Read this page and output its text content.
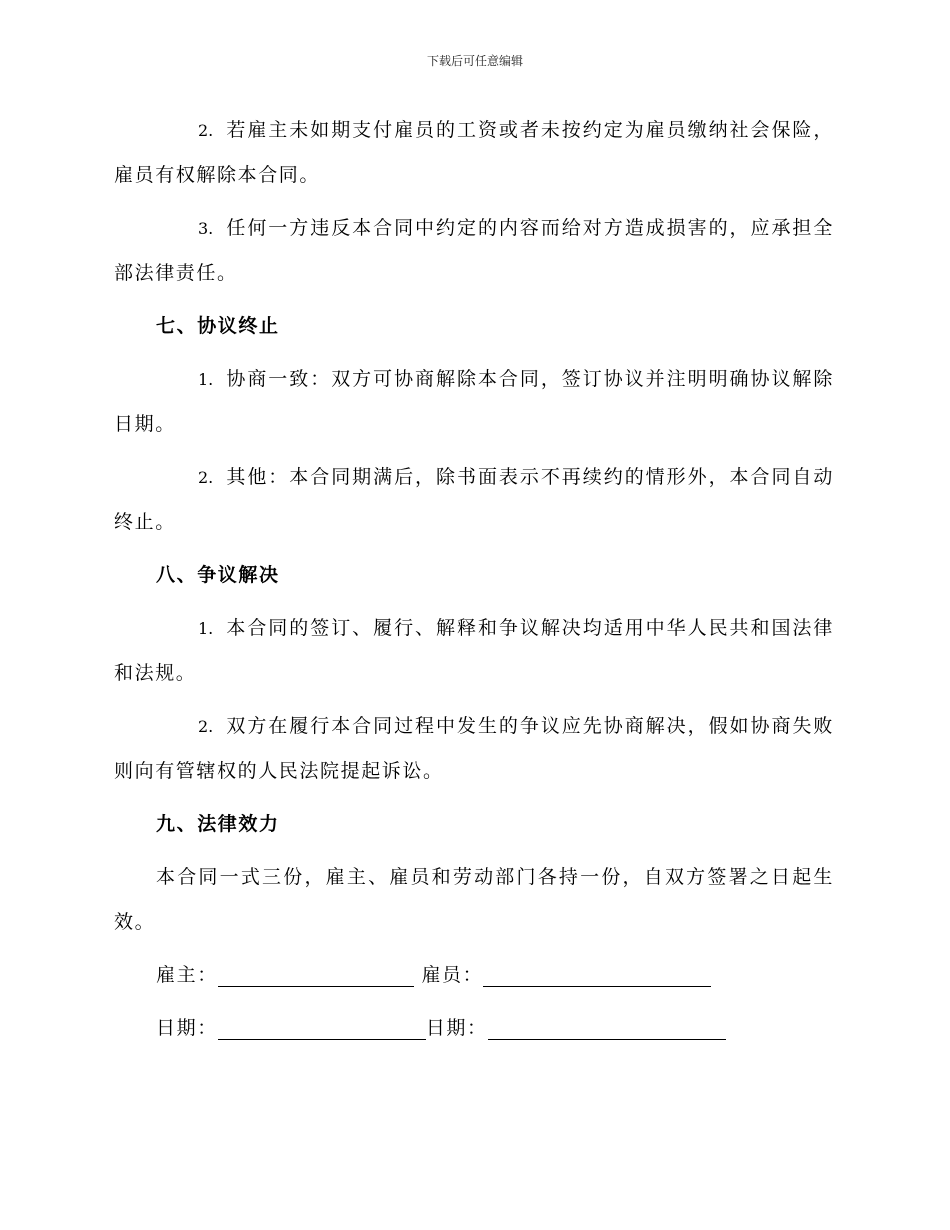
下载后可任意编辑
2. 若雇主未如期支付雇员的工资或者未按约定为雇员缴纳社会保险，雇员有权解除本合同。
3. 任何一方违反本合同中约定的内容而给对方造成损害的，应承担全部法律责任。
七、协议终止
1. 协商一致：双方可协商解除本合同，签订协议并注明明确协议解除日期。
2. 其他：本合同期满后，除书面表示不再续约的情形外，本合同自动终止。
八、争议解决
1. 本合同的签订、履行、解释和争议解决均适用中华人民共和国法律和法规。
2. 双方在履行本合同过程中发生的争议应先协商解决，假如协商失败则向有管辖权的人民法院提起诉讼。
九、法律效力
本合同一式三份，雇主、雇员和劳动部门各持一份，自双方签署之日起生效。
雇主：	雇员：
日期：	日期：
